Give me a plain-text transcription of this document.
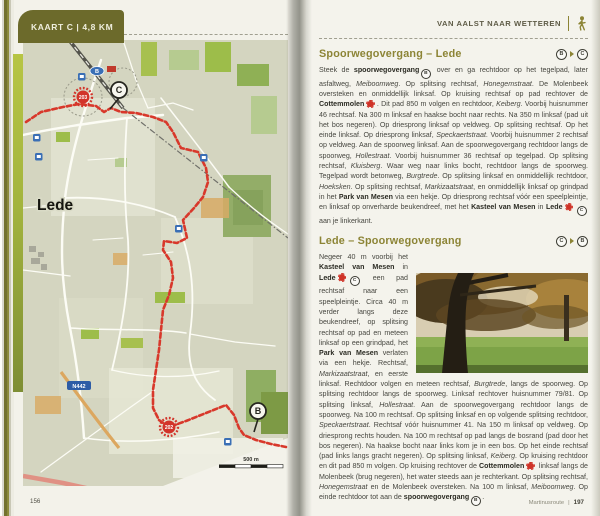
KAART C | 4,8 KM
203
202
C
B
B
N442
500 m
Lede
156
VAN AALST NAAR WETTEREN
Spoorwegovergang – Lede	B	C
Steek de spoorwegovergang B over en ga rechtdoor op het tegelpad, later asfaltweg, Meiboomweg. Op splitsing rechtsaf, Honegemstraat. De Molenbeek oversteken en onmiddellijk linksaf. Op kruising rechtsaf op pad rechtover de Cottemmolen . Dit pad 850 m volgen en rechtdoor, Keiberg. Voorbij huisnummer 46 rechtsaf. Na 300 m linksaf en haakse bocht naar rechts. Na 350 m linksaf (pad uit het bos negeren). Op driesprong linksaf op veldweg. Op splitsing rechtsaf. Op het einde linksaf. Op driesprong linksaf, Speckaertstraat. Voorbij huisnummer 2 rechtsaf op veldweg. Aan de spoorweg linksaf. Aan de spoorwegovergang rechtdoor langs de spoorweg, Hollestraat. Voorbij huisnummer 36 rechtsaf op tegelpad. Op splitsing rechtsaf, Kluisberg. Waar weg naar links bocht, rechtdoor langs de spoorweg. Tegelpad wordt betonweg, Burgtrede. Op splitsing linksaf en onmiddellijk rechtdoor, Hoeksken. Op splitsing rechtsaf, Markizaatstraat, en onmiddellijk linksaf op grindpad in het Park van Mesen via een hekje. Op driesprong rechtsaf vóór een speelpleintje, en linksaf op onverharde beukendreef, met het Kasteel van Mesen in Lede	C aan je linkerkant.
Lede – Spoorwegovergang	C	B
Negeer 40 m voorbij het Kasteel van Mesen in Lede	C een pad rechtsaf naar een speelpleintje. Circa 40 m verder langs deze beukendreef, op splitsing rechtsaf op pad en meteen linksaf op een grindpad, het Park van Mesen verlaten via een hekje. Rechtsaf, Markizaatstraat, en eerste linksaf. Rechtdoor volgen en meteen rechtsaf, Burgtrede, langs de spoorweg. Op splitsing rechtdoor langs de spoorweg. Linksaf rechtover huisnummer 79/81. Op splitsing linksaf, Hollestraat. Aan de spoorwegovergang rechtdoor langs de spoorweg. Na 100 m rechtsaf. Op splitsing linksaf en op volgende splitsing rechtdoor, Speckaertstraat. Rechtsaf vóór huisnummer 41. Na 150 m linksaf op veldweg. Op driesprong rechts houden. Na 100 m rechtsaf op pad langs de bosrand (pad door het bos negeren). Na haakse bocht naar links kom je in een bos. Op het einde rechtsaf (pad links langs gracht negeren). Op splitsing linksaf, Keiberg. Op kruising rechtdoor en dit pad 850 m volgen. Op kruising rechtover de Cottemmolen linksaf langs de Molenbeek (brug negeren), het water steeds aan je rechterkant. Op splitsing rechtsaf, Honegemstraat en de Molenbeek oversteken. Na 100 m linksaf, Meiboomweg. Op einde rechtdoor tot aan de spoorwegovergang B .
Martinusroute | 197
